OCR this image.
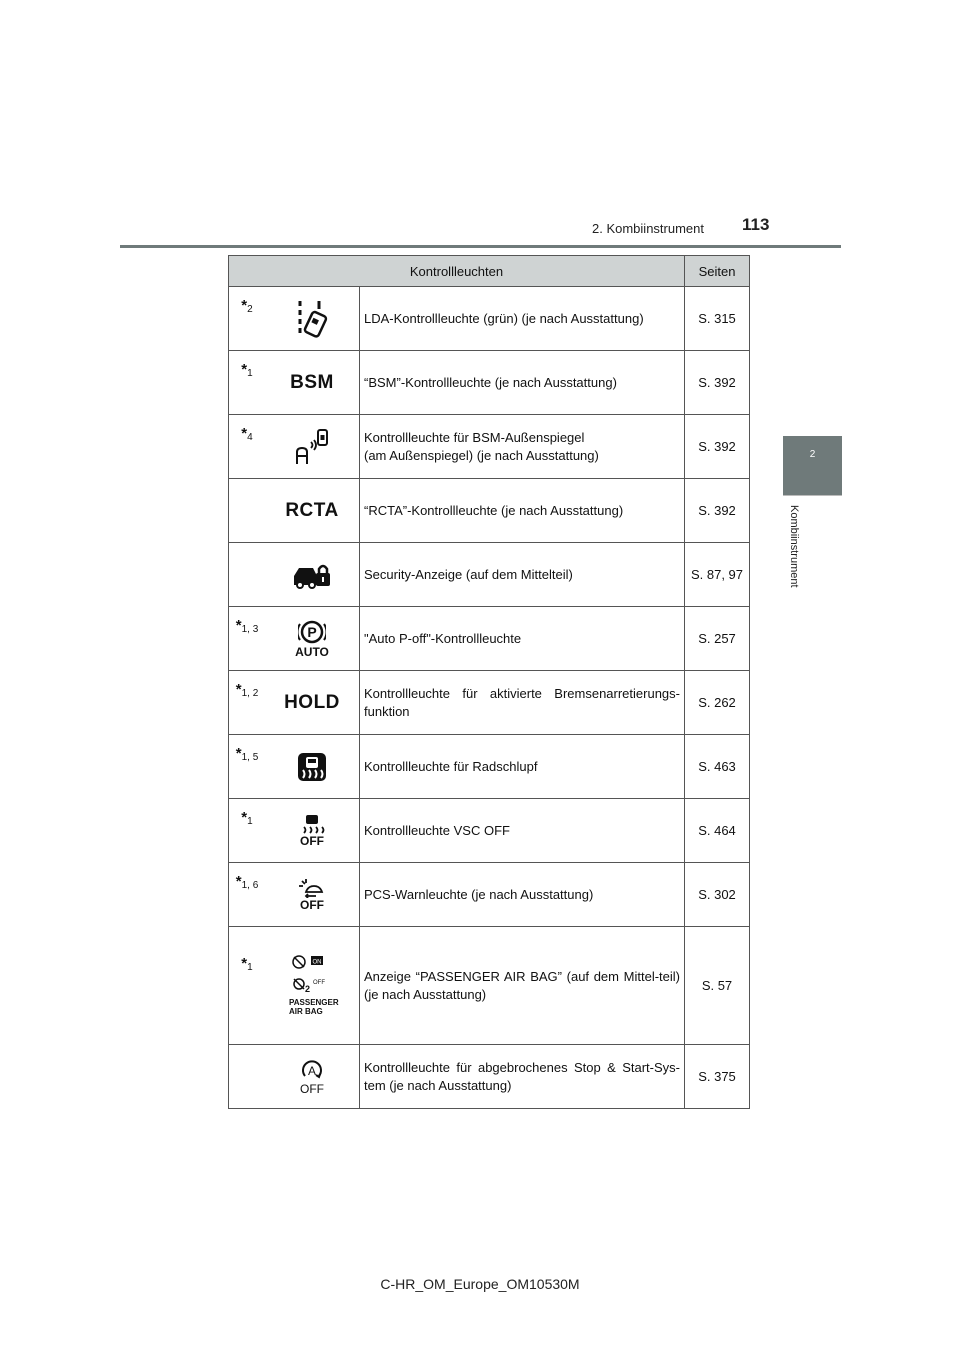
2. Kombiinstrument 113
2
Kombiinstrument
Kontrollleuchten			Seiten
*2		LDA-Kontrollleuchte (grün) (je nach Ausstattung)	S. 315
*1	BSM	“BSM”-Kontrollleuchte (je nach Ausstattung)	S. 392
*4		Kontrollleuchte für BSM-Außenspiegel
(am Außenspiegel) (je nach Ausstattung)	S. 392
	RCTA	“RCTA”-Kontrollleuchte (je nach Ausstattung)	S. 392
		Security-Anzeige (auf dem Mittelteil)	S. 87, 97
*1, 3	P

AUTO	"Auto P-off"-Kontrollleuchte	S. 257
*1, 2	HOLD	Kontrollleuchte für aktivierte Bremsenarretierungs-funktion	S. 262
*1, 5		Kontrollleuchte für Radschlupf	S. 463
*1	OFF	Kontrollleuchte VSC OFF	S. 464
*1, 6	OFF	PCS-Warnleuchte (je nach Ausstattung)	S. 302
*1	ON
2
OFF

PASSENGER AIR BAG	Anzeige “PASSENGER AIR BAG” (auf dem Mittel-teil) (je nach Ausstattung)	S. 57

A

OFF	Kontrollleuchte für abgebrochenes Stop & Start-Sys-tem (je nach Ausstattung)	S. 375
C-HR_OM_Europe_OM10530M
